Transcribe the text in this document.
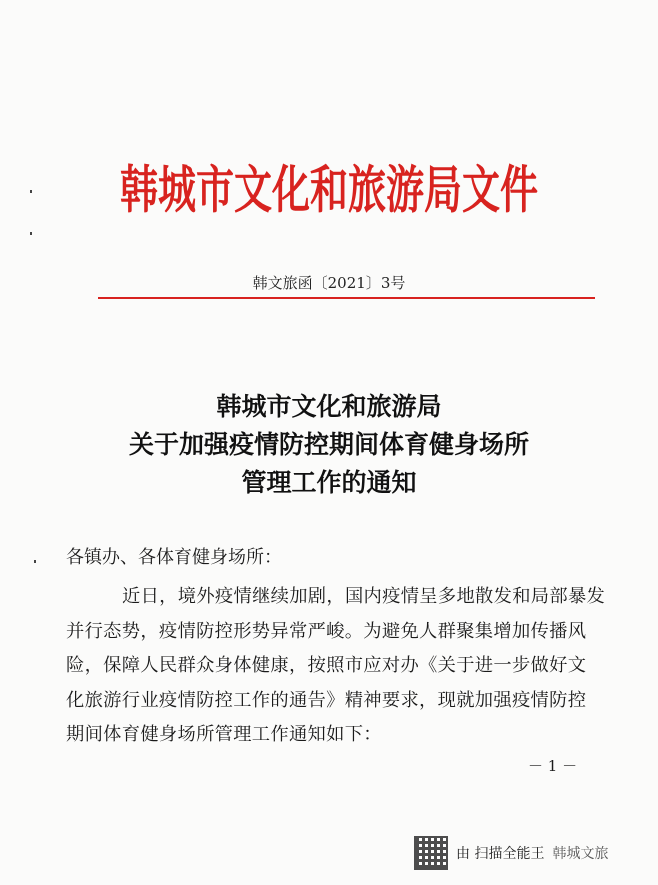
韩城市文化和旅游局文件
韩文旅函〔2021〕3号
韩城市文化和旅游局
关于加强疫情防控期间体育健身场所
管理工作的通知
各镇办、各体育健身场所：
近日，境外疫情继续加剧，国内疫情呈多地散发和局部暴发
并行态势，疫情防控形势异常严峻。为避免人群聚集增加传播风
险，保障人民群众身体健康，按照市应对办《关于进一步做好文
化旅游行业疫情防控工作的通告》精神要求，现就加强疫情防控
期间体育健身场所管理工作通知如下：
－ 1 －
由 扫描全能王 韩城文旅
